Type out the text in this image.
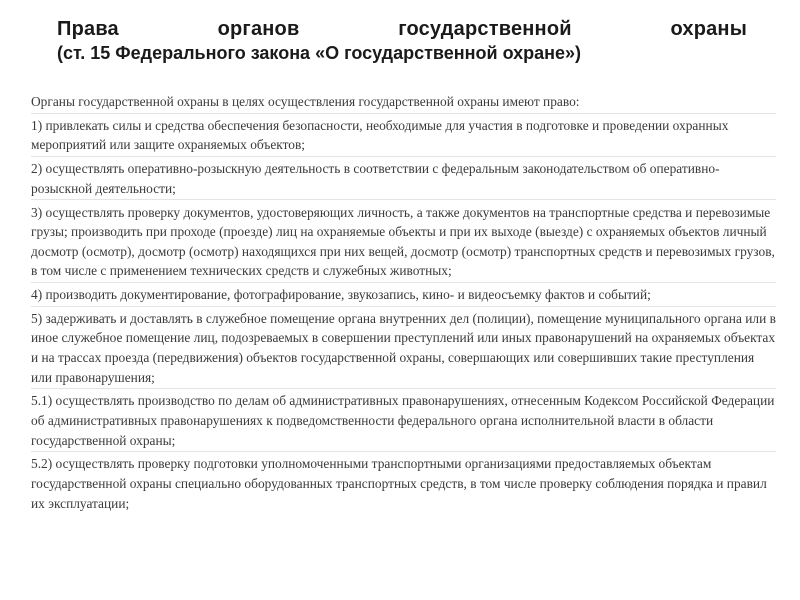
Права органов государственной охраны
(ст. 15 Федерального закона «О государственной охране»)

Органы государственной охраны в целях осуществления государственной охраны имеют право:

1) привлекать силы и средства обеспечения безопасности, необходимые для участия в подготовке и проведении охранных мероприятий или защите охраняемых объектов;

2) осуществлять оперативно-розыскную деятельность в соответствии с федеральным законодательством об оперативно-розыскной деятельности;

3) осуществлять проверку документов, удостоверяющих личность, а также документов на транспортные средства и перевозимые грузы; производить при проходе (проезде) лиц на охраняемые объекты и при их выходе (выезде) с охраняемых объектов личный досмотр (осмотр), досмотр (осмотр) находящихся при них вещей, досмотр (осмотр) транспортных средств и перевозимых грузов, в том числе с применением технических средств и служебных животных;

4) производить документирование, фотографирование, звукозапись, кино- и видеосъемку фактов и событий;

5) задерживать и доставлять в служебное помещение органа внутренних дел (полиции), помещение муниципального органа или в иное служебное помещение лиц, подозреваемых в совершении преступлений или иных правонарушений на охраняемых объектах и на трассах проезда (передвижения) объектов государственной охраны, совершающих или совершивших такие преступления или правонарушения;

5.1) осуществлять производство по делам об административных правонарушениях, отнесенным Кодексом Российской Федерации об административных правонарушениях к подведомственности федерального органа исполнительной власти в области государственной охраны;

5.2) осуществлять проверку подготовки уполномоченными транспортными организациями предоставляемых объектам государственной охраны специально оборудованных транспортных средств, в том числе проверку соблюдения порядка и правил их эксплуатации;
